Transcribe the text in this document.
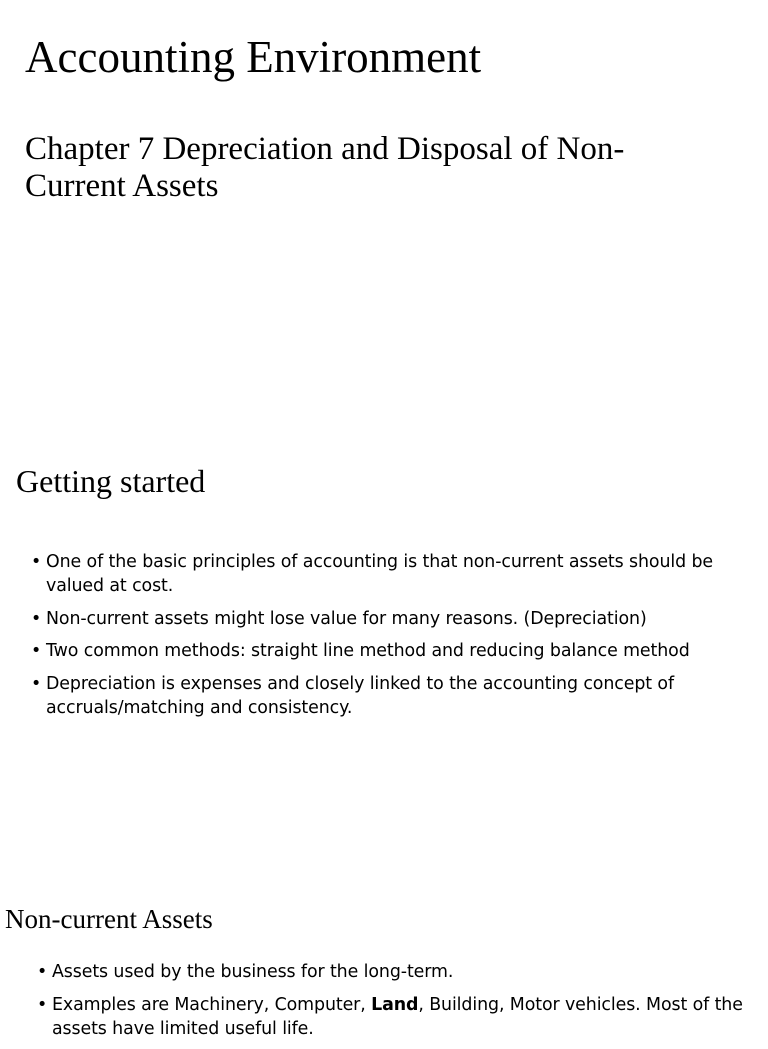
Accounting Environment
Chapter 7 Depreciation and Disposal of Non-Current Assets
Getting started
• One of the basic principles of accounting is that non-current assets should be valued at cost.
• Non-current assets might lose value for many reasons. (Depreciation)
• Two common methods: straight line method and reducing balance method
• Depreciation is expenses and closely linked to the accounting concept of accruals/matching and consistency.
Non-current Assets
• Assets used by the business for the long-term.
• Examples are Machinery, Computer, Land, Building, Motor vehicles. Most of the assets have limited useful life.
